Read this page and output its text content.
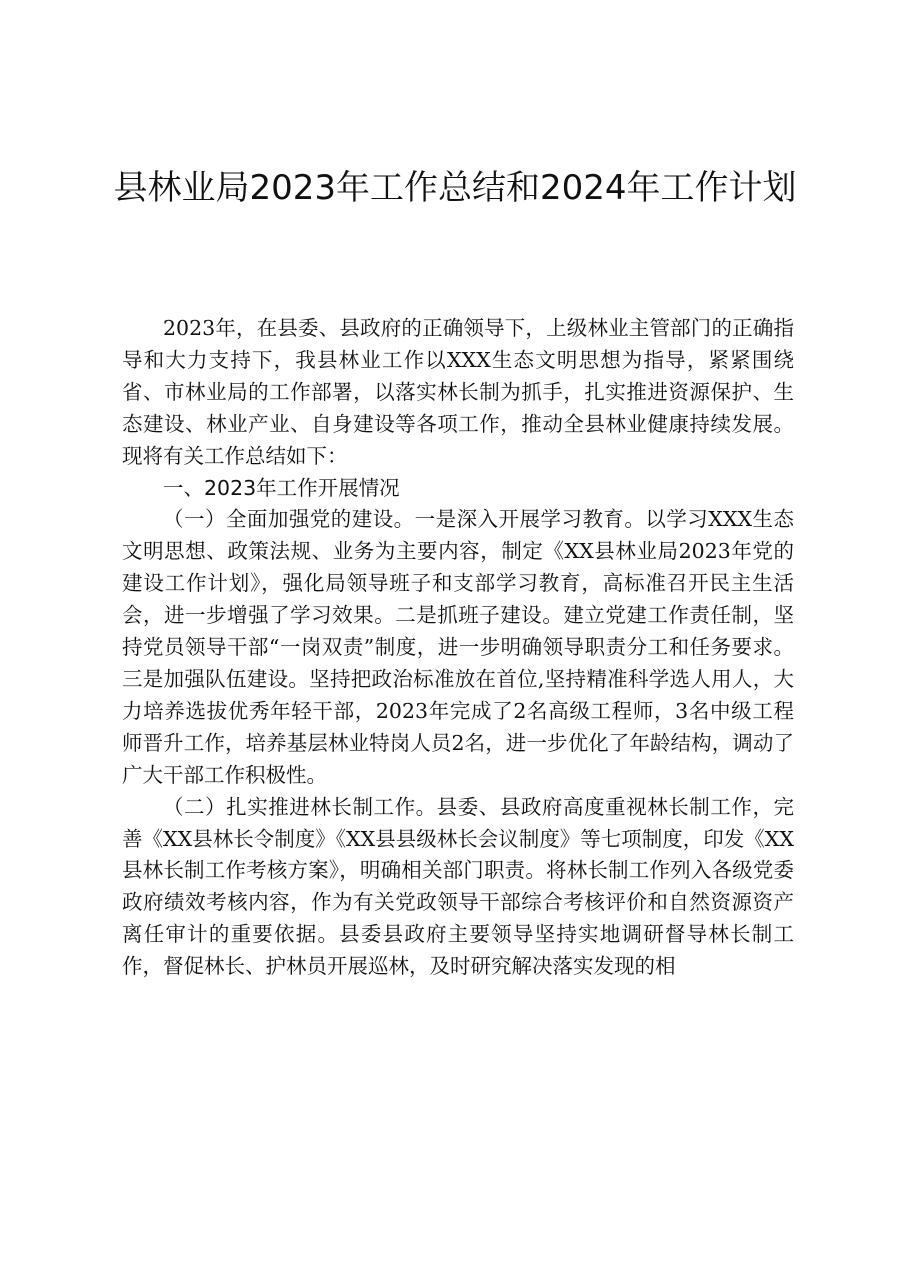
县林业局2023年工作总结和2024年工作计划

2023年，在县委、县政府的正确领导下，上级林业主管部门的正确指导和大力支持下，我县林业工作以XXX生态文明思想为指导，紧紧围绕省、市林业局的工作部署，以落实林长制为抓手，扎实推进资源保护、生态建设、林业产业、自身建设等各项工作，推动全县林业健康持续发展。现将有关工作总结如下：

一、2023年工作开展情况

（一）全面加强党的建设。一是深入开展学习教育。以学习XXX生态文明思想、政策法规、业务为主要内容，制定《XX县林业局2023年党的建设工作计划》，强化局领导班子和支部学习教育，高标准召开民主生活会，进一步增强了学习效果。二是抓班子建设。建立党建工作责任制，坚持党员领导干部“一岗双责”制度，进一步明确领导职责分工和任务要求。三是加强队伍建设。坚持把政治标准放在首位,坚持精准科学选人用人，大力培养选拔优秀年轻干部，2023年完成了2名高级工程师，3名中级工程师晋升工作，培养基层林业特岗人员2名，进一步优化了年龄结构，调动了广大干部工作积极性。

（二）扎实推进林长制工作。县委、县政府高度重视林长制工作，完善《XX县林长令制度》《XX县县级林长会议制度》等七项制度，印发《XX县林长制工作考核方案》，明确相关部门职责。将林长制工作列入各级党委政府绩效考核内容，作为有关党政领导干部综合考核评价和自然资源资产离任审计的重要依据。县委县政府主要领导坚持实地调研督导林长制工作，督促林长、护林员开展巡林，及时研究解决落实发现的相
